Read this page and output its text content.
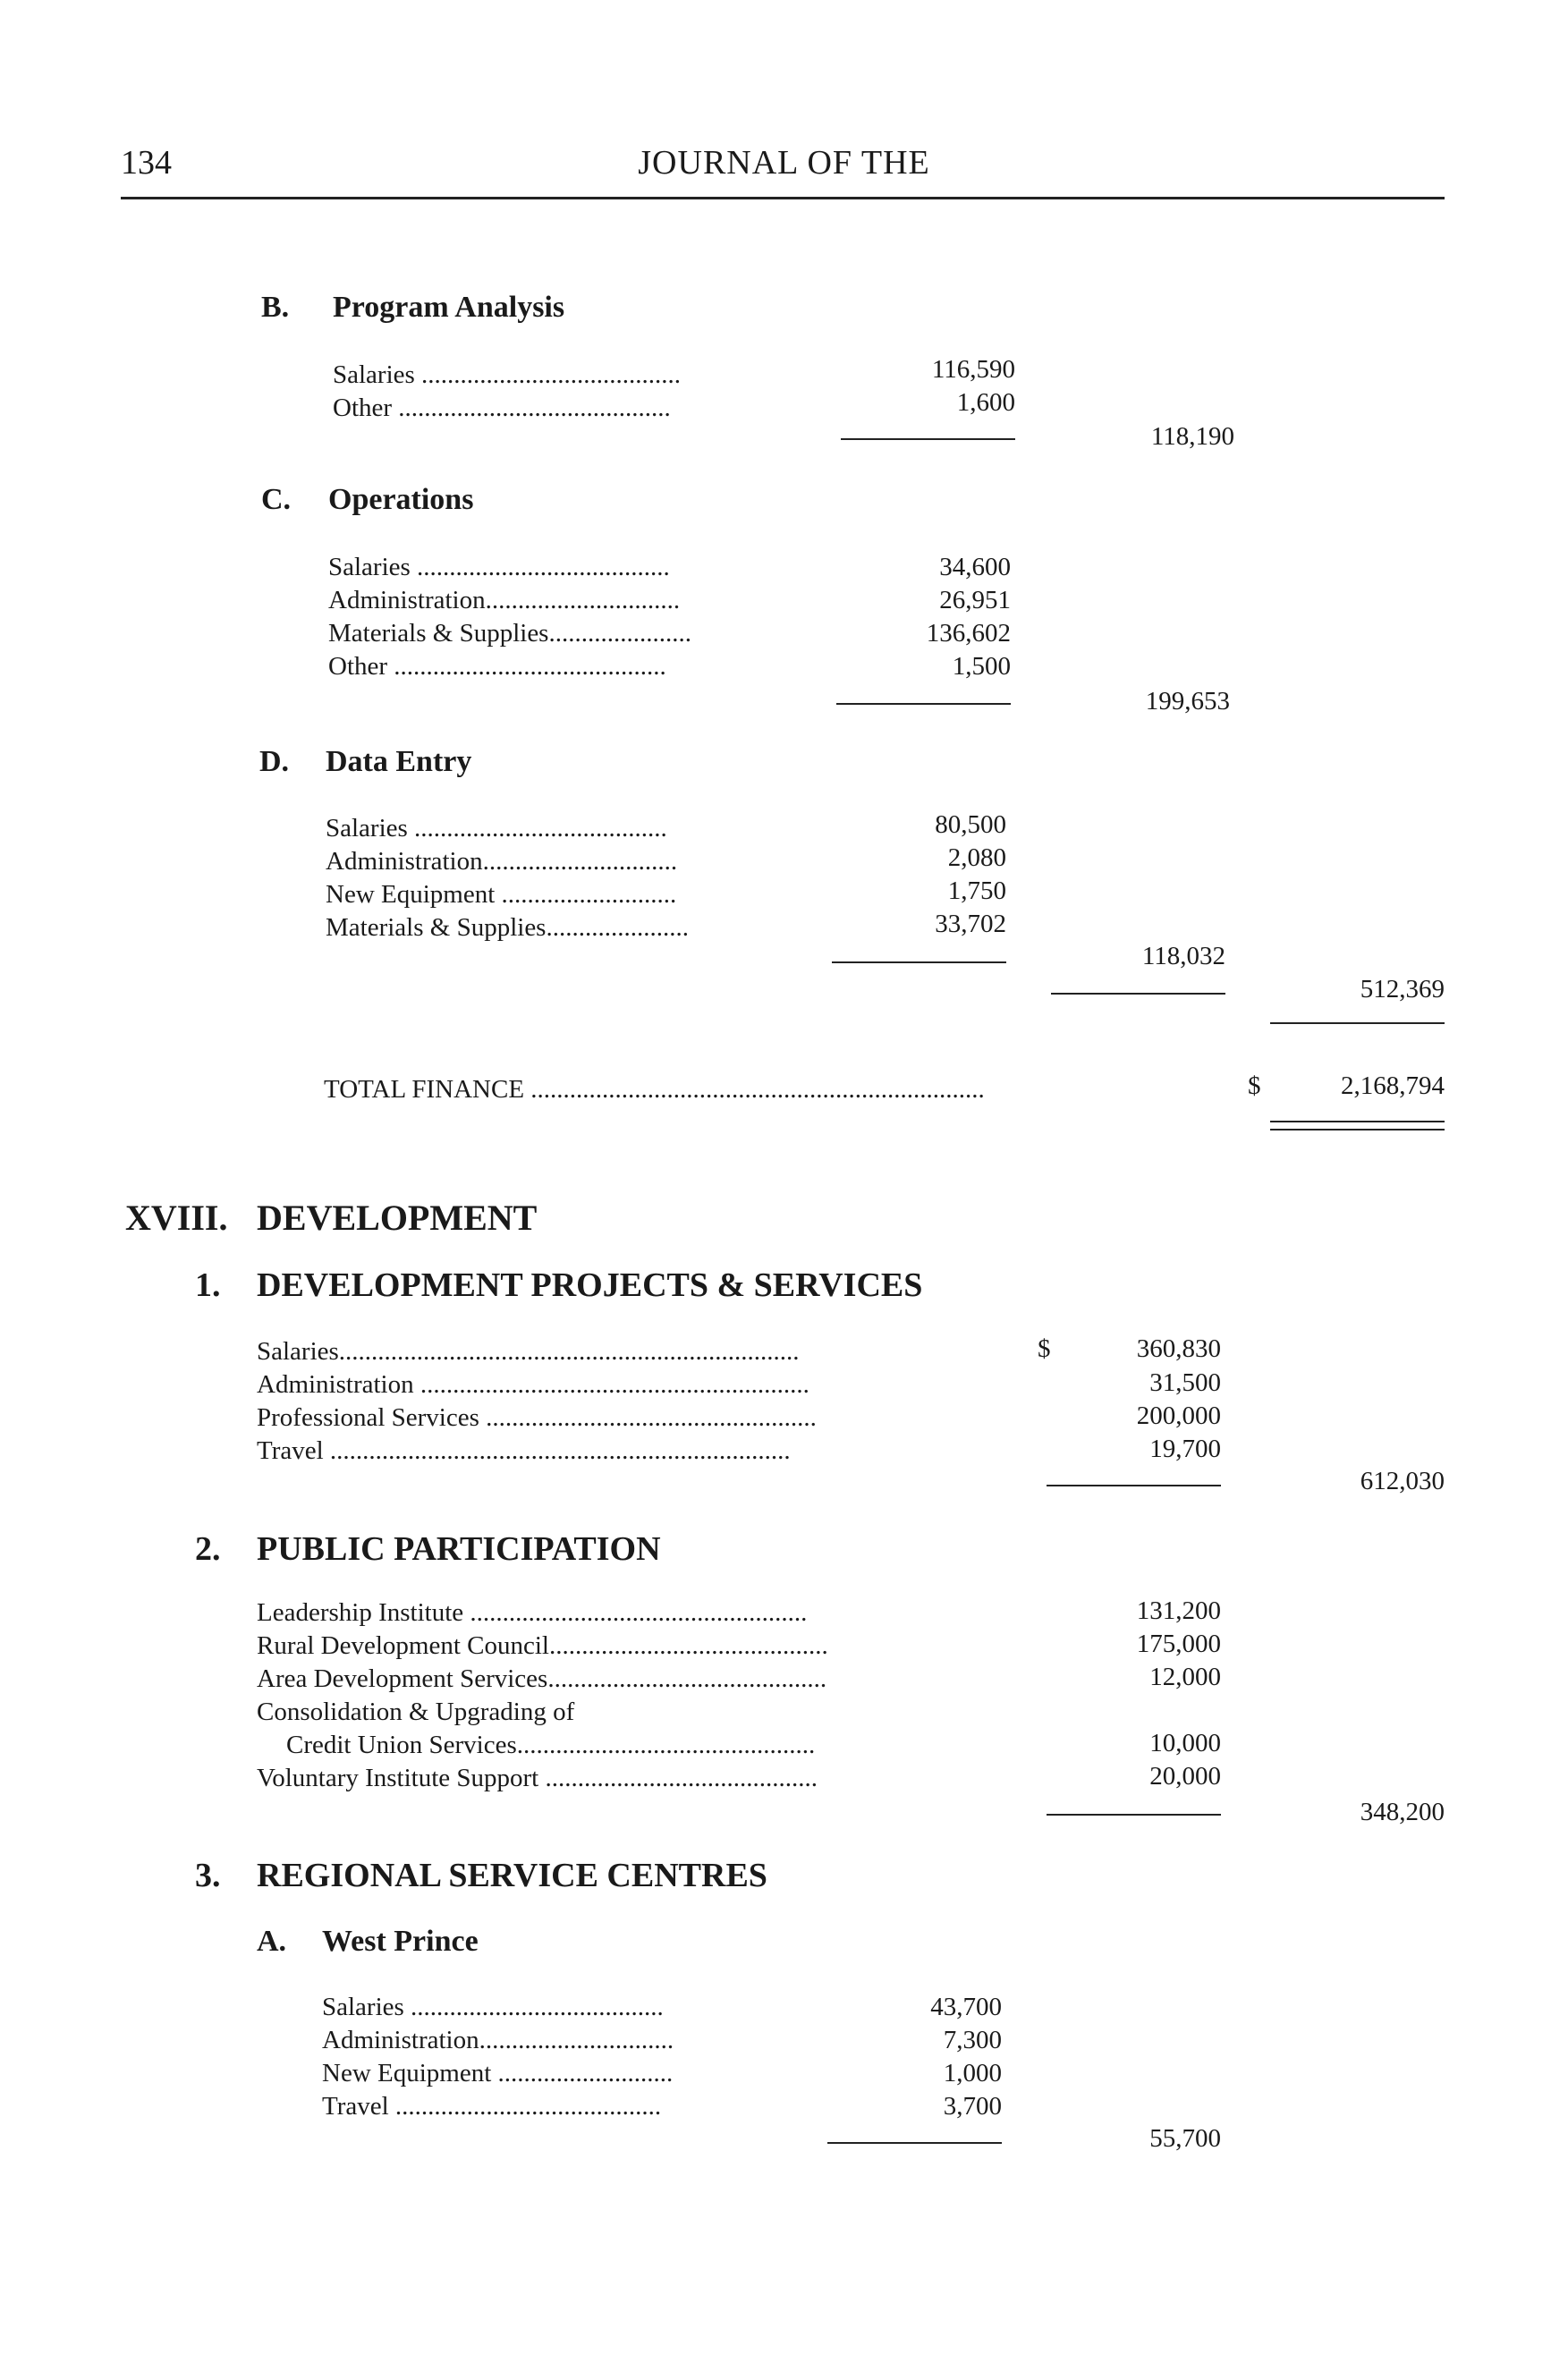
134	JOURNAL OF THE
B. Program Analysis
Salaries ........................................	116,590
Other ..........................................	1,600
118,190
C. Operations
Salaries .......................................	34,600
Administration..............................	26,951
Materials & Supplies......................	136,602
Other ..........................................	1,500
199,653
D. Data Entry
Salaries .......................................	80,500
Administration..............................	2,080
New Equipment ...........................	1,750
Materials & Supplies......................	33,702
118,032
512,369
TOTAL FINANCE ......................................................................	$	2,168,794
XVIII. DEVELOPMENT
1. DEVELOPMENT PROJECTS & SERVICES
Salaries.......................................................................	$	360,830
Administration ............................................................	31,500
Professional Services ...................................................	200,000
Travel .......................................................................	19,700
612,030
2. PUBLIC PARTICIPATION
Leadership Institute ....................................................	131,200
Rural Development Council...........................................	175,000
Area Development Services...........................................	12,000
Consolidation & Upgrading of
Credit Union Services..............................................	10,000
Voluntary Institute Support ..........................................	20,000
348,200
3. REGIONAL SERVICE CENTRES
A. West Prince
Salaries .......................................	43,700
Administration..............................	7,300
New Equipment ...........................	1,000
Travel .........................................	3,700
55,700
